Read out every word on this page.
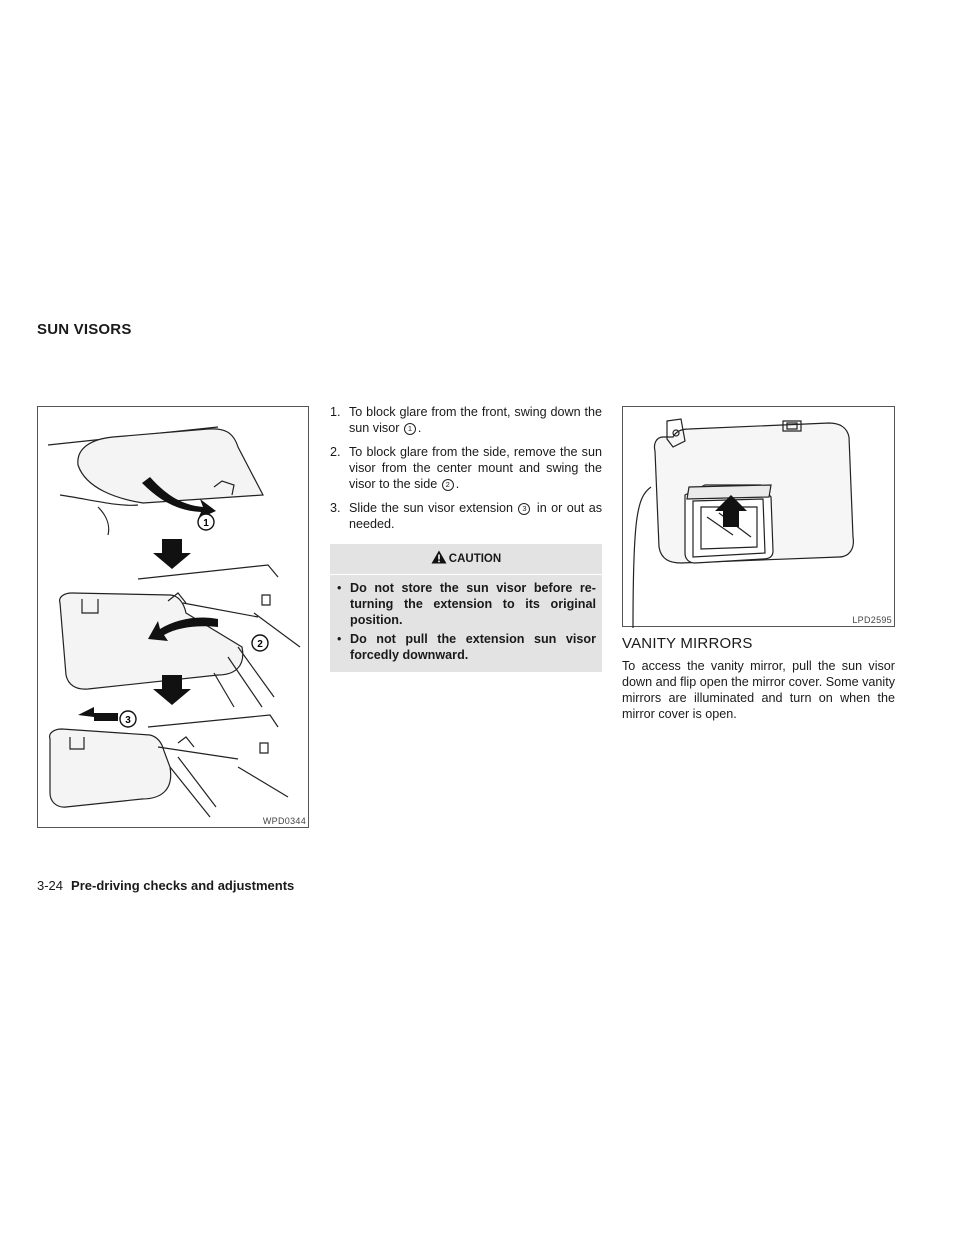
SUN VISORS
1
2
3
WPD0344
1. To block glare from the front, swing down the sun visor 1 .
2. To block glare from the side, remove the sun visor from the center mount and swing the visor to the side 2 .
3. Slide the sun visor extension 3 in or out as needed.
CAUTION
• Do not store the sun visor before re-turning the extension to its original position.
• Do not pull the extension sun visor forcedly downward.
LPD2595
VANITY MIRRORS

To access the vanity mirror, pull the sun visor down and flip open the mirror cover. Some vanity mirrors are illuminated and turn on when the mirror cover is open.

3-24 Pre-driving checks and adjustments
